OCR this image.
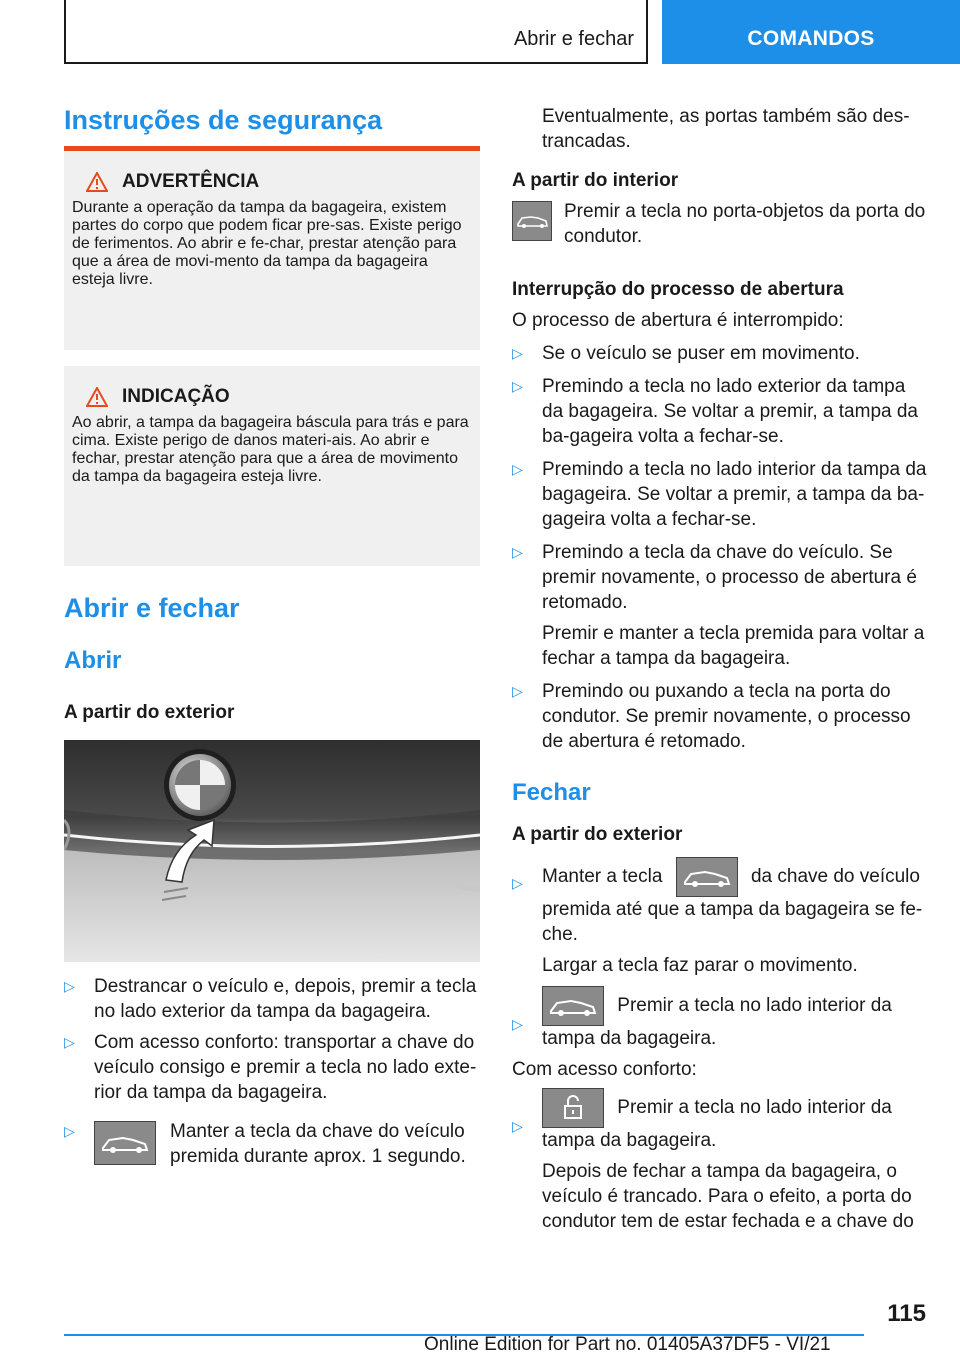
Abrir e fechar	COMANDOS
Instruções de segurança
ADVERTÊNCIA

Durante a operação da tampa da bagageira, existem partes do corpo que podem ficar pre-sas. Existe perigo de ferimentos. Ao abrir e fe-char, prestar atenção para que a área de movi-mento da tampa da bagageira esteja livre.

INDICAÇÃO

Ao abrir, a tampa da bagageira báscula para trás e para cima. Existe perigo de danos materi-ais. Ao abrir e fechar, prestar atenção para que a área de movimento da tampa da bagageira esteja livre.

Abrir e fechar
Abrir
A partir do exterior
▷ Destrancar o veículo e, depois, premir a tecla no lado exterior da tampa da bagageira.
▷ Com acesso conforto: transportar a chave do veículo consigo e premir a tecla no lado exte-rior da tampa da bagageira.
▷	Manter a tecla da chave do veículo premida durante aprox. 1 segundo.

Eventualmente, as portas também são des-trancadas.

A partir do interior

Premir a tecla no porta-objetos da porta do condutor.

Interrupção do processo de abertura

O processo de abertura é interrompido:

▷ Se o veículo se puser em movimento.
▷ Premindo a tecla no lado exterior da tampa da bagageira. Se voltar a premir, a tampa da ba-gageira volta a fechar-se.
▷ Premindo a tecla no lado interior da tampa da bagageira. Se voltar a premir, a tampa da ba-gageira volta a fechar-se.
▷ Premindo a tecla da chave do veículo. Se premir novamente, o processo de abertura é retomado.

Premir e manter a tecla premida para voltar a fechar a tampa da bagageira.

▷ Premindo ou puxando a tecla na porta do condutor. Se premir novamente, o processo de abertura é retomado.
Fechar
A partir do exterior
▷ Manter a tecla	da chave do veículo premida até que a tampa da bagageira se fe-che.

Largar a tecla faz parar o movimento.

▷
Premir a tecla no lado interior da tampa da bagageira.

Com acesso conforto:

▷
Premir a tecla no lado interior da tampa da bagageira.

Depois de fechar a tampa da bagageira, o veículo é trancado. Para o efeito, a porta do condutor tem de estar fechada e a chave do

115
Online Edition for Part no. 01405A37DF5 - VI/21
